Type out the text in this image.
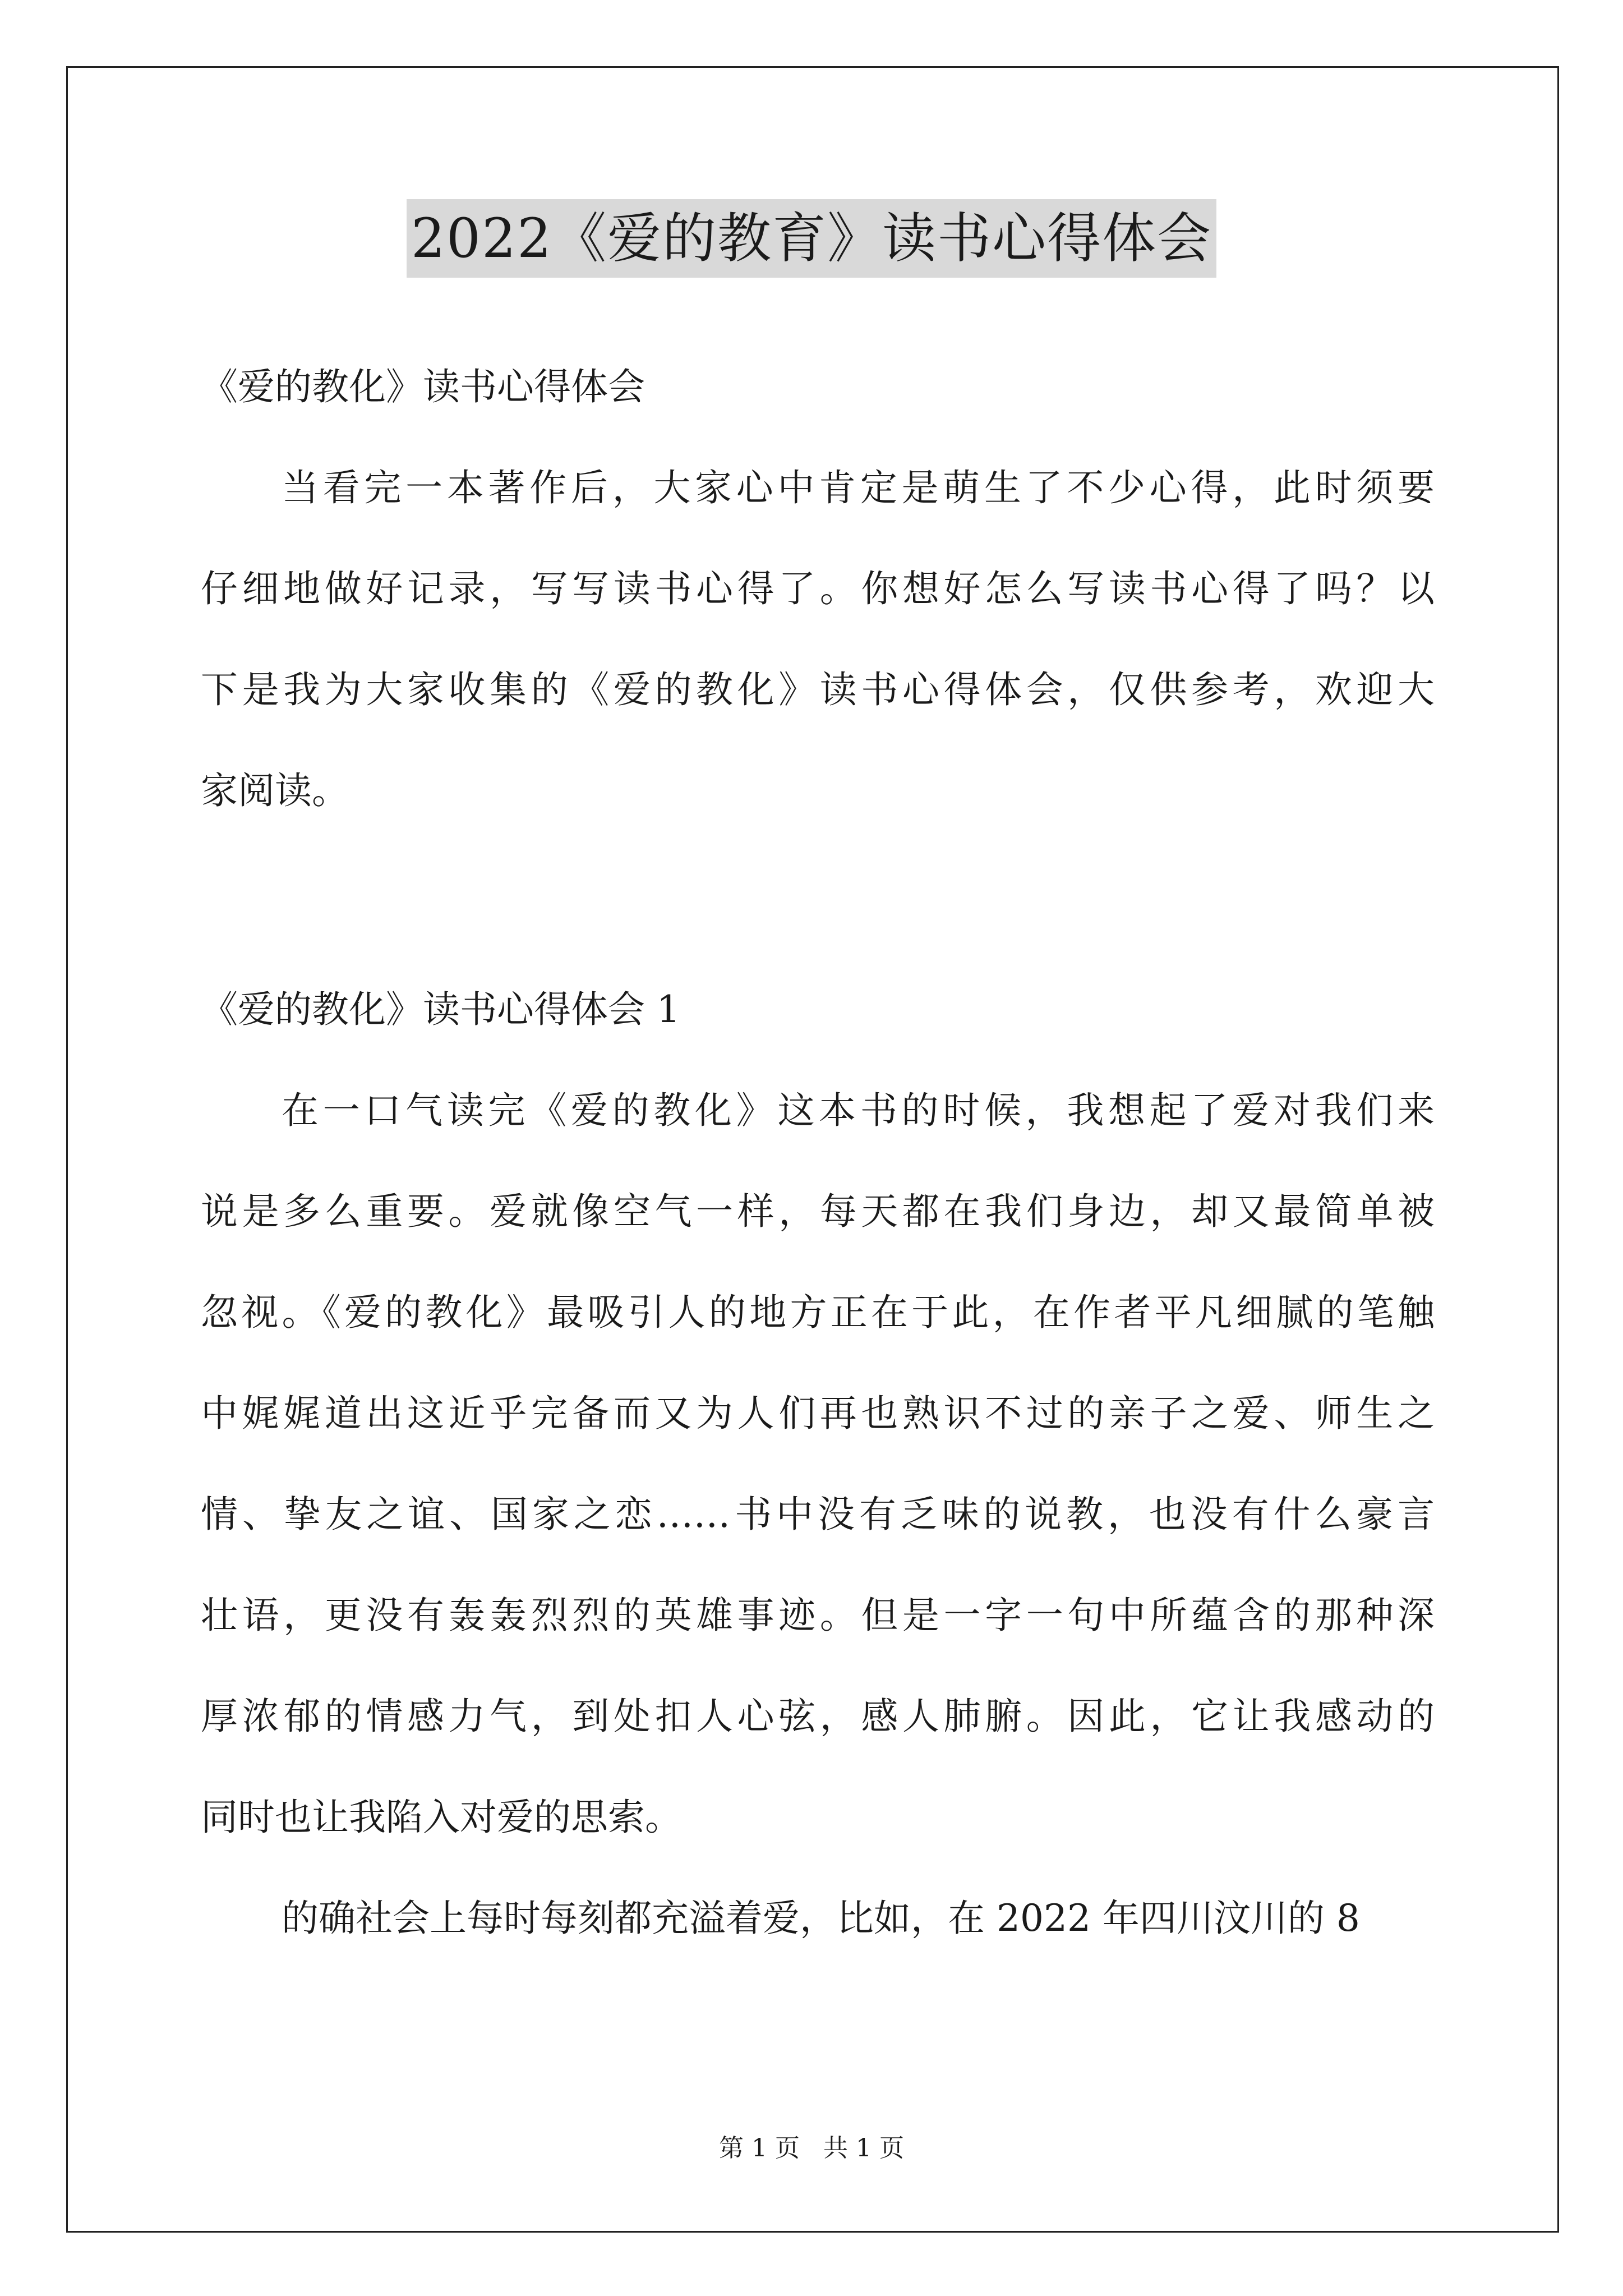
2022《爱的教育》读书心得体会
《爱的教化》读书心得体会
当看完一本著作后，大家心中肯定是萌生了不少心得，此时须要
仔细地做好记录，写写读书心得了。你想好怎么写读书心得了吗？以
下是我为大家收集的《爱的教化》读书心得体会，仅供参考，欢迎大
家阅读。
《爱的教化》读书心得体会 1
在一口气读完《爱的教化》这本书的时候，我想起了爱对我们来
说是多么重要。爱就像空气一样，每天都在我们身边，却又最简单被
忽视。《爱的教化》最吸引人的地方正在于此，在作者平凡细腻的笔触
中娓娓道出这近乎完备而又为人们再也熟识不过的亲子之爱、师生之
情、挚友之谊、国家之恋……书中没有乏味的说教，也没有什么豪言
壮语，更没有轰轰烈烈的英雄事迹。但是一字一句中所蕴含的那种深
厚浓郁的情感力气，到处扣人心弦，感人肺腑。因此，它让我感动的
同时也让我陷入对爱的思索。
的确社会上每时每刻都充溢着爱，比如，在 2022 年四川汶川的 8
第 1 页 共 1 页
